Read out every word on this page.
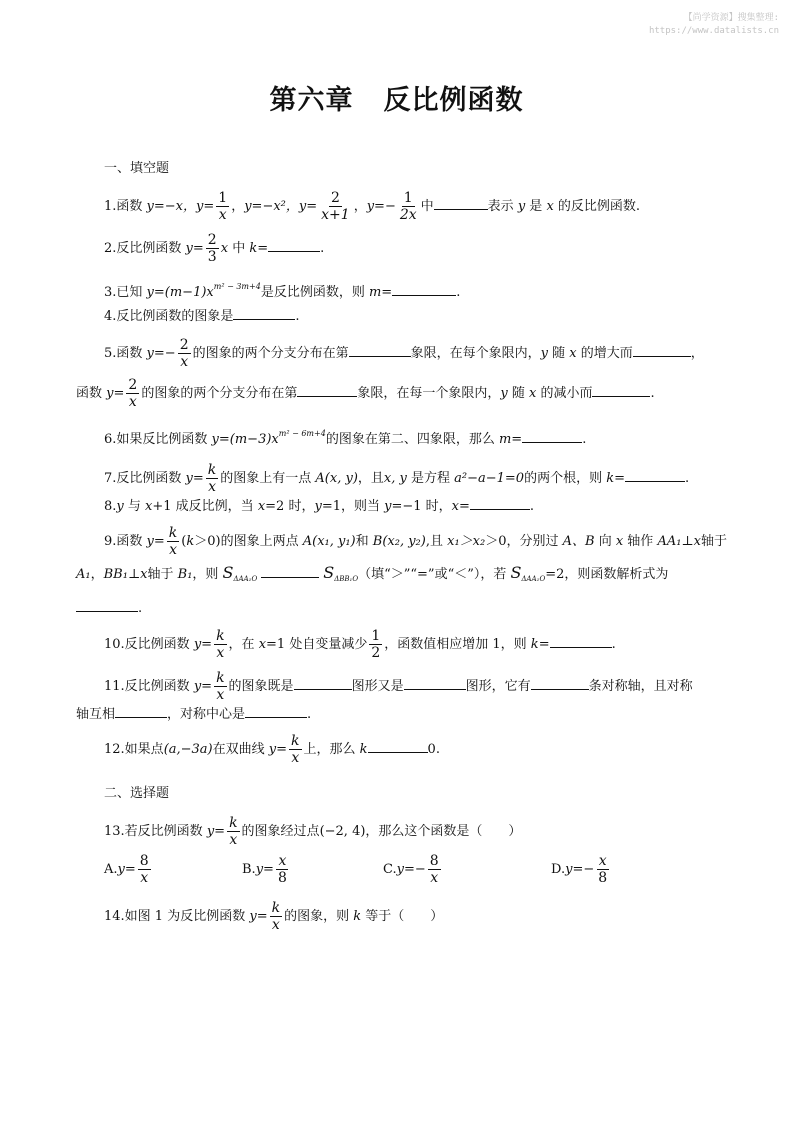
【尚学资源】搜集整理:
https://www.datalists.cn
第六章 反比例函数
一、填空题
1.函数 y=−x，$y= \frac{1}{x}$ ，y=−x²，$y= \frac{2}{x+1}$ ，$y=- \frac{1}{2x}$ 中	表示 y 是 x 的反比例函数.
2.反比例函数 $y= \frac{2}{3}$ x 中 k=	.
3.已知 $y=(m-1)x^{m^2 - 3m+4}$是反比例函数，则 m=	.
4.反比例函数的图象是	.
5.函数 $y=- \frac{2}{x}$ 的图象的两个分支分布在第	象限，在每个象限内，y 随 x 的增大而	，
函数 $y= \frac{2}{x}$ 的图象的两个分支分布在第	象限，在每一个象限内，y 随 x 的减小而	.
6.如果反比例函数 $y=(m-3)x^{m^2 - 6m+4}$的图象在第二、四象限，那么 m=	.
7.反比例函数 $y= \frac{k}{x}$ 的图象上有一点 A(x, y)，且x, y 是方程 a²−a−1=0的两个根，则 k=	.
8.y 与 x+1 成反比例，当 x=2 时，y=1，则当 y=−1 时，x=	.
9.函数 $y= \frac{k}{x} (k>0)$的图象上两点 A(x₁, y₁)和 B(x₂, y₂),且 x₁＞x₂＞0，分别过 A、B 向 x 轴作 AA₁⊥x轴于
A₁，BB₁⊥x轴于 B₁，则 $S_{\Delta AA_1O}$	$S_{\Delta BB_1O}$（填“＞”“=”或“＜”），若 $S_{\Delta AA_1O}=2$，则函数解析式为
.
10.反比例函数 $y= \frac{k}{x}$ ，在 x=1 处自变量减少 $\frac{1}{2}$ ，函数值相应增加 1，则 k=	.
11.反比例函数 $y= \frac{k}{x}$ 的图象既是	图形又是	图形，它有	条对称轴，且对称
轴互相	，对称中心是	.
12.如果点(a,−3a)在双曲线 $y= \frac{k}{x}$ 上，那么 k	0.
二、选择题
13.若反比例函数 $y= \frac{k}{x}$ 的图象经过点(−2, 4)，那么这个函数是（　　）
$A.y= \frac{8}{x}$	$B.y= \frac{x}{8}$	$C.y=- \frac{8}{x}$	$D.y=- \frac{x}{8}$
14.如图 1 为反比例函数 $y= \frac{k}{x}$ 的图象，则 k 等于（　　）
